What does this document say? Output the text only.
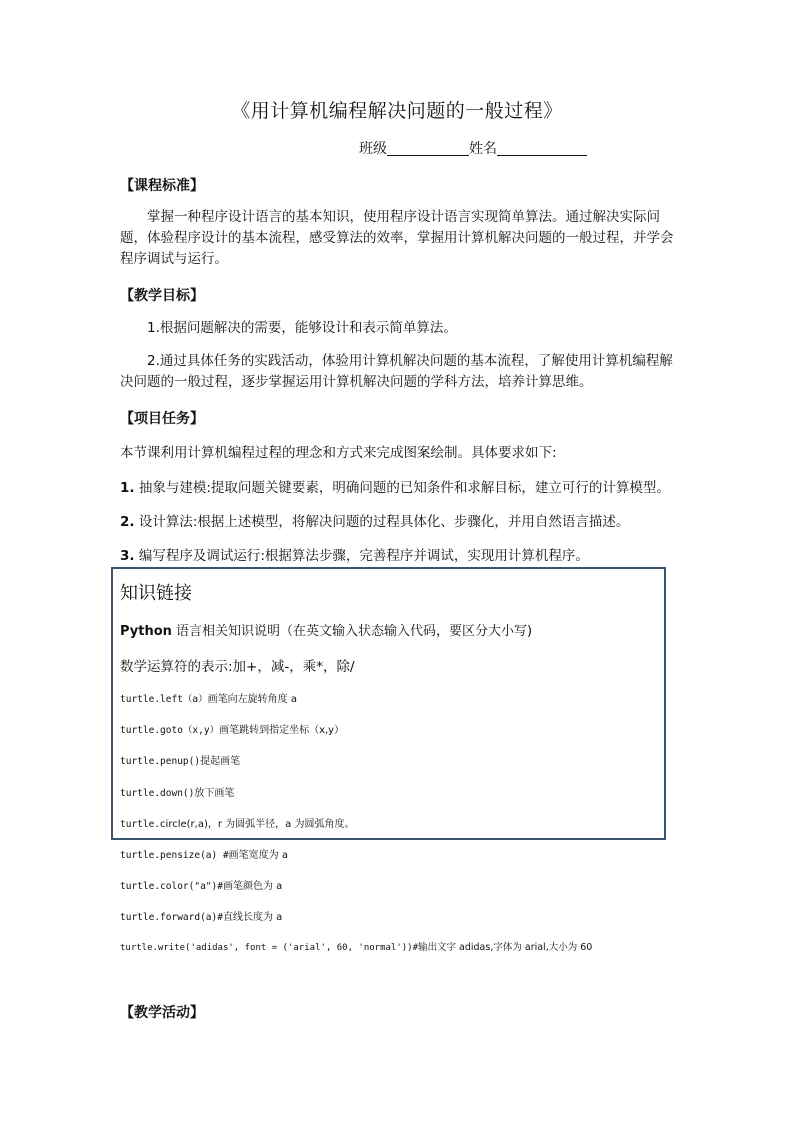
《用计算机编程解决问题的一般过程》
班级	姓名
【课程标准】
掌握一种程序设计语言的基本知识，使用程序设计语言实现简单算法。通过解决实际问题，体验程序设计的基本流程，感受算法的效率，掌握用计算机解决问题的一般过程，并学会程序调试与运行。
【教学目标】
1.根据问题解决的需要，能够设计和表示简单算法。
2.通过具体任务的实践活动，体验用计算机解决问题的基本流程，了解使用计算机编程解决问题的一般过程，逐步掌握运用计算机解决问题的学科方法，培养计算思维。
【项目任务】
本节课利用计算机编程过程的理念和方式来完成图案绘制。具体要求如下:
1. 抽象与建模:提取问题关键要素，明确问题的已知条件和求解目标，建立可行的计算模型。
2. 设计算法:根据上述模型，将解决问题的过程具体化、步骤化，并用自然语言描述。
3. 编写程序及调试运行:根据算法步骤，完善程序并调试，实现用计算机程序。
知识链接
Python 语言相关知识说明（在英文输入状态输入代码，要区分大小写)
数学运算符的表示:加+，减-，乘*，除/
turtle.left（a）画笔向左旋转角度 a
turtle.goto（x,y）画笔跳转到指定坐标（x,y）
turtle.penup()提起画笔
turtle.down()放下画笔
turtle.circle(r,a)，r 为圆弧半径，a 为圆弧角度。
turtle.pensize(a) #画笔宽度为 a
turtle.color("a")#画笔颜色为 a
turtle.forward(a)#直线长度为 a
turtle.write('adidas', font = ('arial', 60, 'normal'))#输出文字 adidas,字体为 arial,大小为 60
【教学活动】
